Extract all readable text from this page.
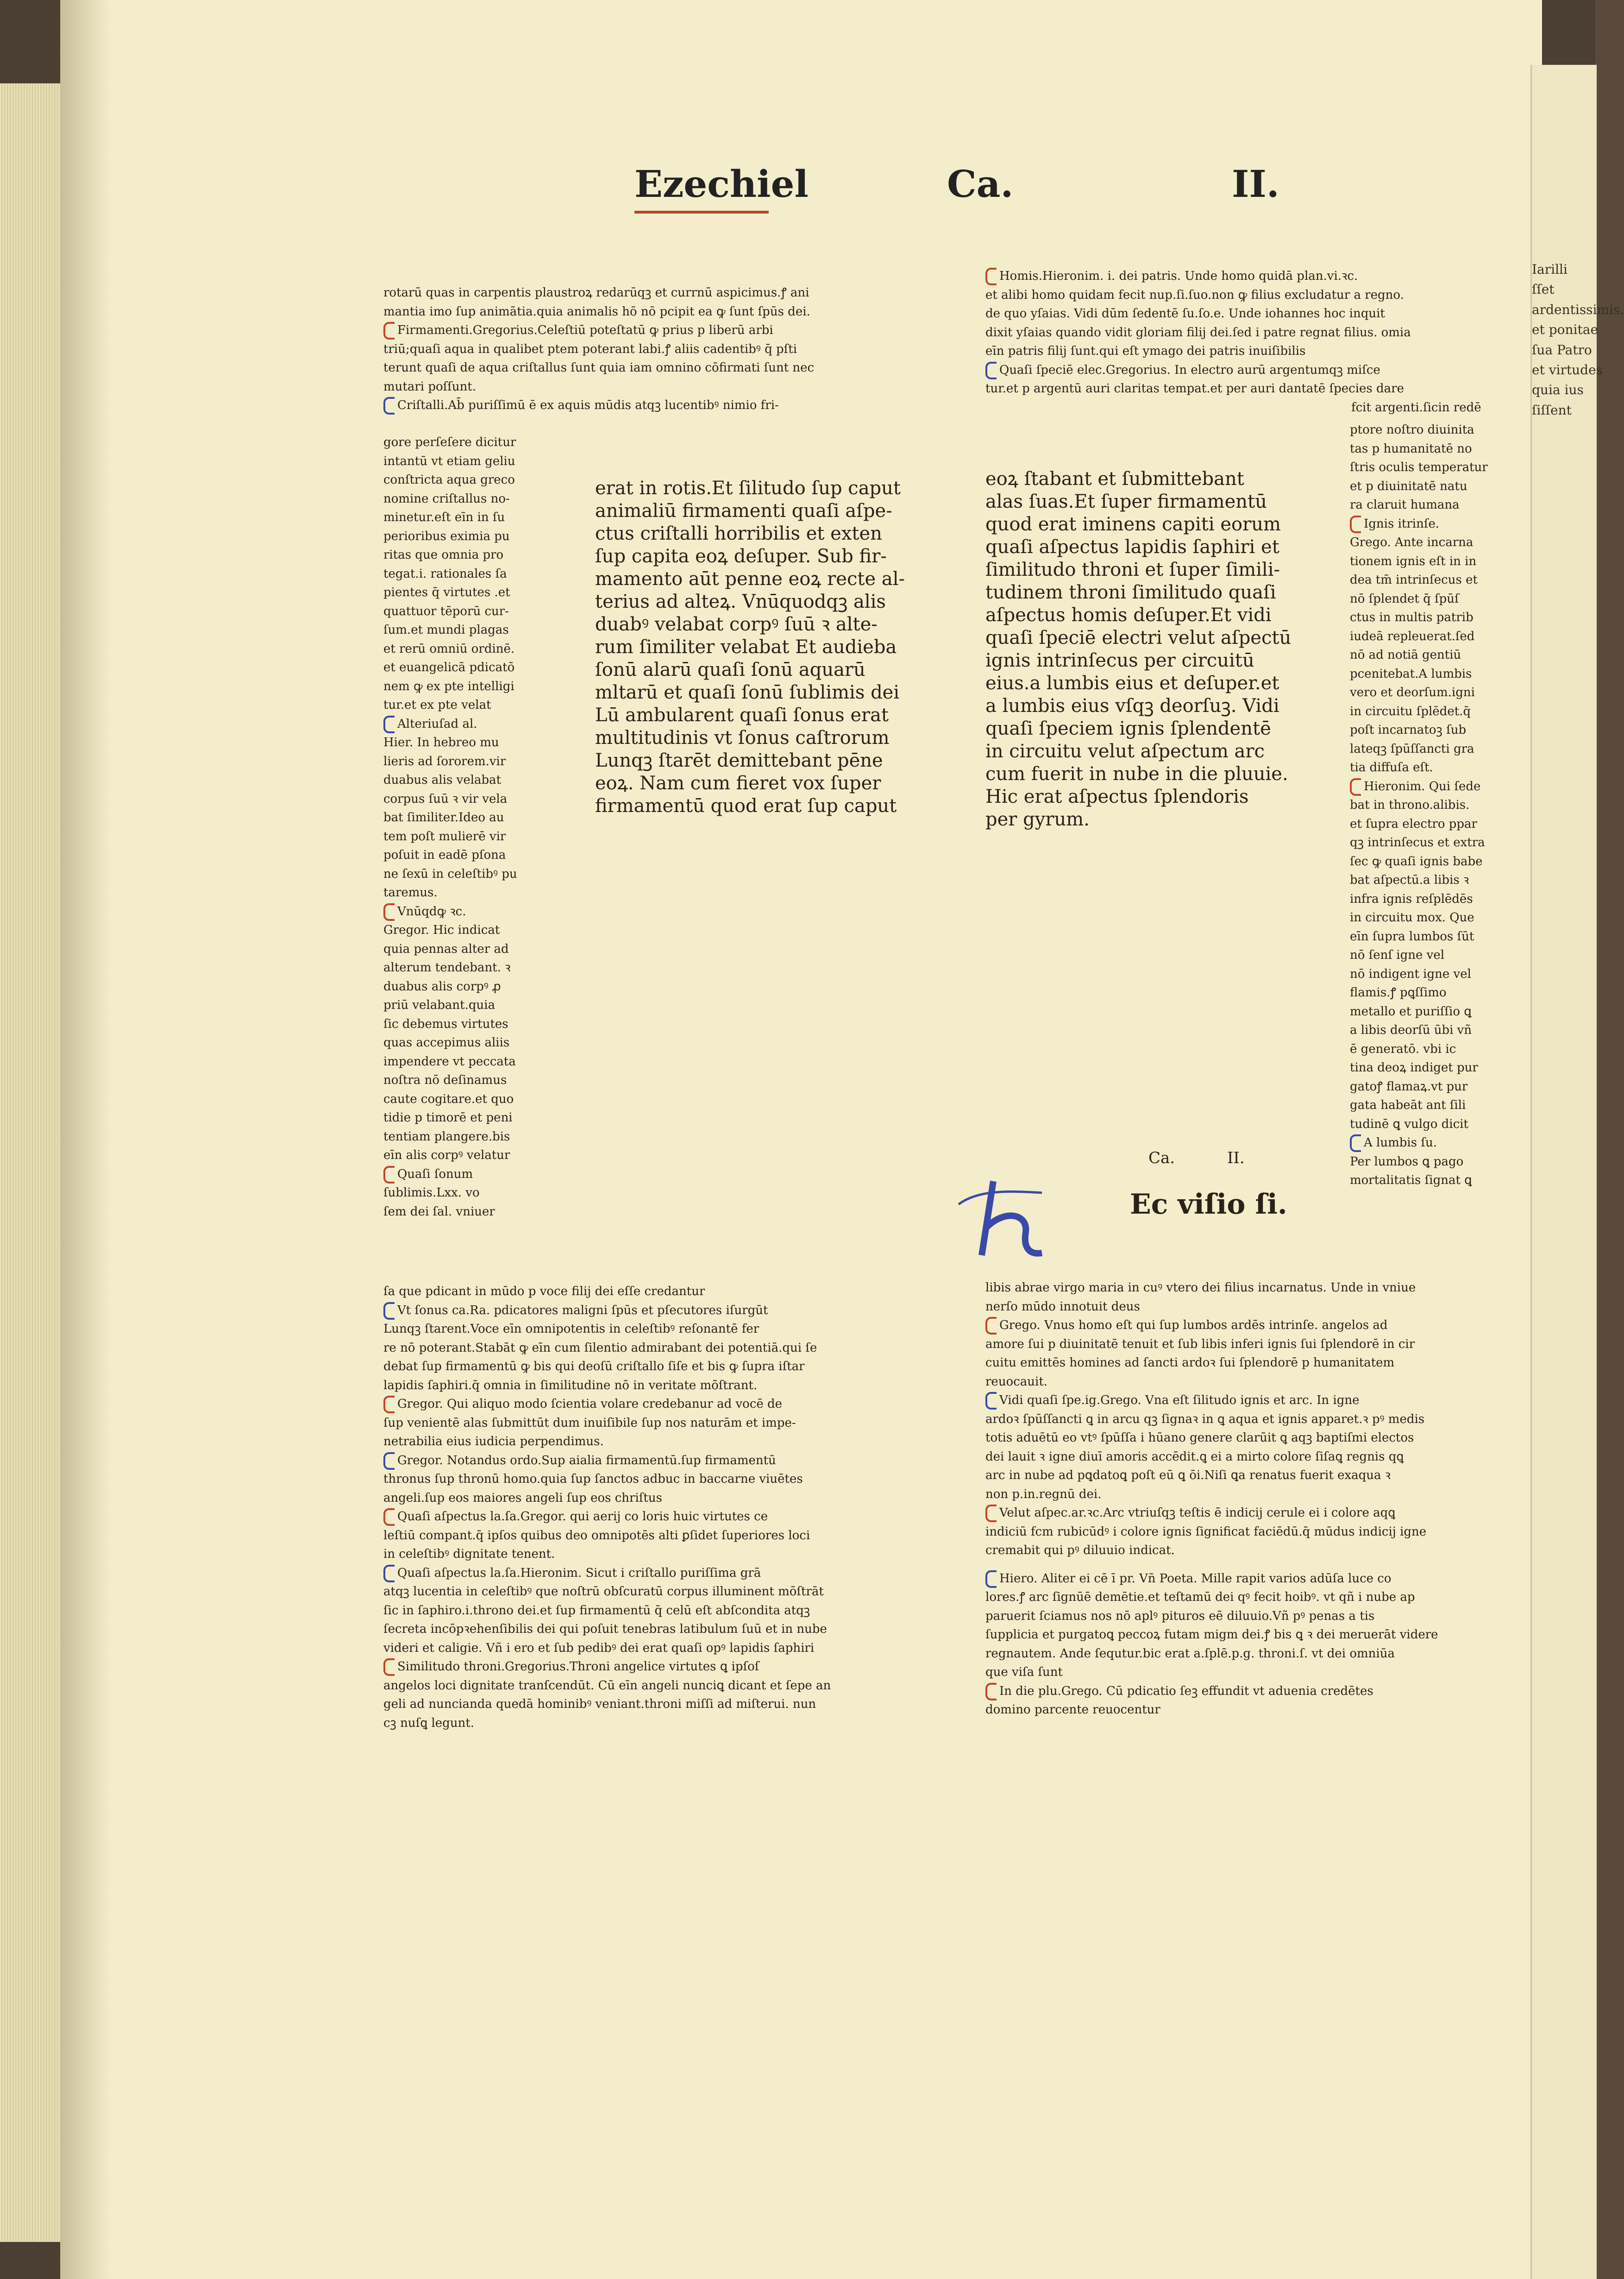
Iarilli
ſſet ardentissimis.
et ponitae
ſua Patro
et virtudes
quia ius
ſiſſent
Ezechiel	Ca.	II.
rotarū quas in carpentis plaustroꝝ redarūqꝫ et currnū aspicimus.ꝭ ani
mantia imo ſup animātia.quia animalis hō nō pcipit ea ꝙ ſunt ſpūs dei.
Firmamenti.Gregorius.Celeſtiū poteſtatū ꝙ prius p liberū arbi
triū;quaſi aqua in qualibet ptem poterant labi.ꝭ aliis cadentibꝰ q̄ pſti
terunt quaſi de aqua criſtallus ſunt quia iam omnino cōfirmati ſunt nec
mutari poſſunt.
Criſtalli.Ab̄ puriſſimū ē ex aquis mūdis atqꝫ lucentibꝰ nimio fri-
gore perſeſere dicitur
intantū vt etiam geliu
conſtricta aqua greco
nomine criſtallus no-
minetur.eſt eīn in ſu
perioribus eximia pu
ritas que omnia pro
tegat.i. rationales ſa
pientes q̄ virtutes .et
quattuor tēporū cur-
ſum.et mundi plagas
et rerū omniū ordinē.
et euangelicā pdicatō
nem ꝙ ex pte intelligi
tur.et ex pte velat
Alteriuſad al.
Hier. In hebreo mu
lieris ad ſororem.vir
duabus alis velabat
corpus ſuū ꝛ vir vela
bat ſimiliter.Ideo au
tem poſt mulierē vir
poſuit in eadē pſona
ne ſexū in celeſtibꝰ pu
taremus.
Vnūqdꝙ ꝛc.
Gregor. Hic indicat
quia pennas alter ad
alterum tendebant. ꝛ
duabus alis corpꝰ ꝓ
priū velabant.quia
ſic debemus virtutes
quas accepimus aliis
impendere vt peccata
noſtra nō deſinamus
caute cogitare.et quo
tidie p timorē et peni
tentiam plangere.bis
eīn alis corpꝰ velatur
Quaſi ſonum
ſublimis.Lxx. vo
ſem dei ſal. vniuer
erat in rotis.Et ſilitudo ſup caput
animaliū firmamenti quaſi aſpe-
ctus criſtalli horribilis et exten
ſup capita eoꝝ deſuper. Sub fir-
mamento aūt penne eoꝝ recte al-
terius ad alteꝝ. Vnūquodqꝫ alis
duabꝰ velabat corpꝰ ſuū ꝛ alte-
rum ſimiliter velabat Et audieba
ſonū alarū quaſi ſonū aquarū
mltarū et quaſi ſonū ſublimis dei
Lū ambularent quaſi ſonus erat
multitudinis vt ſonus caſtrorum
Lunqꝫ ſtarēt demittebant pēne
eoꝝ. Nam cum fieret vox ſuper
firmamentū quod erat ſup caput
ſa que pdicant in mūdo p voce filij dei eſſe credantur
Vt ſonus ca.Ra. pdicatores maligni ſpūs et pſecutores iſurgūt
Lunqꝫ ſtarent.Voce eīn omnipotentis in celeſtibꝰ reſonantē fer
re nō poterant.Stabāt ꝙ eīn cum ſilentio admirabant dei potentiā.qui ſe
debat ſup firmamentū ꝙ bis qui deoſū criſtallo ſiſe et bis ꝙ ſupra iſtar
lapidis ſaphiri.q̄ omnia in ſimilitudine nō in veritate mōſtrant.
Gregor. Qui aliquo modo ſcientia volare credebanur ad vocē de
ſup venientē alas ſubmittūt dum inuiſibile ſup nos naturām et impe-
netrabilia eius iudicia perpendimus.
Gregor. Notandus ordo.Sup aialia firmamentū.ſup firmamentū
thronus ſup thronū homo.quia ſup ſanctos adbuc in baccarne viuētes
angeli.ſup eos maiores angeli ſup eos chriſtus
Quaſi aſpectus la.ſa.Gregor. qui aerij co loris huic virtutes ce
leſtiū compant.q̄ ipſos quibus deo omnipotēs alti ꝑſidet ſuperiores loci
in celeſtibꝰ dignitate tenent.
Quaſi aſpectus la.ſa.Hieronim. Sicut i criſtallo puriſſima grā
atqꝫ lucentia in celeſtibꝰ que noſtrū obſcuratū corpus illuminent mōſtrāt
ſic in ſaphiro.i.throno dei.et ſup firmamentū q̄ celū eſt abſcondita atqꝫ
ſecreta incōpꝛehenſibilis dei qui poſuit tenebras latibulum ſuū et in nube
videri et caligie. Vñ i ero et ſub pedibꝰ dei erat quaſi opꝰ lapidis ſaphiri
Similitudo throni.Gregorius.Throni angelice virtutes ꝗ ipſoſ
angelos loci dignitate tranſcendūt. Cū eīn angeli nunciꝗ dicant et ſepe an
geli ad nuncianda quedā hominibꝰ veniant.throni miſſi ad miſterui. nun
cꝫ nuſꝗ legunt.
Homis.Hieronim. i. dei patris. Unde homo quidā plan.vi.ꝛc.
et alibi homo quidam fecit nup.ſi.ſuo.non ꝙ filius excludatur a regno.
de quo yſaias. Vidi dūm ſedentē ſu.ſo.e. Unde iohannes hoc inquit
dixit yſaias quando vidit gloriam filij dei.ſed i patre regnat filius. omia
eīn patris filij ſunt.qui eſt ymago dei patris inuiſibilis
Quaſi ſpeciē elec.Gregorius. In electro aurū argentumqꝫ miſce
tur.et p argentū auri claritas tempat.et per auri dantatē ſpecies dare
fcit argenti.ſicin redē
ptore noſtro diuinita
tas p humanitatē no
ſtris oculis temperatur
et p diuinitatē natu
ra claruit humana
Ignis itrinſe.
Grego. Ante incarna
tionem ignis eſt in in
dea tm̄ intrinſecus et
nō ſplendet q̄ ſpūſ
ctus in multis patrib
iudeā repleuerat.ſed
nō ad notiā gentiū
pcenitebat.A lumbis
vero et deorſum.igni
in circuitu ſplēdet.q̄
poſt incarnatoꝫ ſub
lateqꝫ ſpūſſancti gra
tia diffuſa eſt.
Hieronim. Qui ſede
bat in throno.alibis.
et ſupra electro ppar
qꝫ intrinſecus et extra
ſec ꝙ quaſi ignis babe
bat aſpectū.a libis ꝛ
infra ignis reſplēdēs
in circuitu mox. Que
eīn ſupra lumbos ſūt
nō ſenſ igne vel
nō indigent igne vel
flamis.ꝭ pꝗſſimo
metallo et puriſſio ꝗ
a libis deorſū ūbi vñ
ē generatō. vbi ic
tina deoꝝ indiget pur
gatoꝭ flamaꝝ.vt pur
gata habeāt ant ſili
tudinē ꝗ vulgo dicit
A lumbis ſu.
Per lumbos ꝗ pago
mortalitatis ſignat ꝗ
eoꝝ ſtabant et ſubmittebant
alas ſuas.Et ſuper firmamentū
quod erat iminens capiti eorum
quaſi aſpectus lapidis ſaphiri et
ſimilitudo throni et ſuper ſimili-
tudinem throni ſimilitudo quaſi
aſpectus homis deſuper.Et vidi
quaſi ſpeciē electri velut aſpectū
ignis intrinſecus per circuitū
eius.a lumbis eius et deſuper.et
a lumbis eius vſqꝫ deorſuꝫ. Vidi
quaſi ſpeciem ignis ſplendentē
in circuitu velut aſpectum arc
cum fuerit in nube in die pluuie.
Hic erat aſpectus ſplendoris
per gyrum.
H
Ca.	II.
Ec viſio ſi.
libis abrae virgo maria in cuꝰ vtero dei filius incarnatus. Unde in vniue
nerſo mūdo innotuit deus
Grego. Vnus homo eſt qui ſup lumbos ardēs intrinſe. angelos ad
amore ſui p diuinitatē tenuit et ſub libis inferi ignis ſui ſplendorē in cir
cuitu emittēs homines ad ſancti ardoꝛ ſui ſplendorē p humanitatem
reuocauit.
Vidi quaſi ſpe.ig.Grego. Vna eſt ſilitudo ignis et arc. In igne
ardoꝛ ſpūſſancti ꝗ in arcu qꝫ ſignaꝛ in ꝗ aqua et ignis apparet.ꝛ pꝰ medis
totis aduētū eo vtꝰ ſpūſſa i hūano genere clarūit ꝗ aqꝫ baptiſmi electos
dei lauit ꝛ igne diuī amoris accēdit.ꝗ ei a mirto colore ſiſaꝗ regnis qꝗ
arc in nube ad pꝗdatoꝗ poſt eū ꝗ ōi.Niſi ꝗa renatus fuerit exaqua ꝛ
non p.in.regnū dei.
Velut aſpec.ar.ꝛc.Arc vtriuſqꝫ teſtis ē indicij cerule ei i colore aqꝗ
indiciū fcm rubicūdꝰ i colore ignis ſignificat faciēdū.q̄ mūdus indicij igne
cremabit qui pꝰ diluuio indicat.
Hiero. Aliter ei cē ī pr. Vn̄ Poeta. Mille rapit varios adūſa luce co
lores.ꝭ arc ſignūē demētie.et teſtamū dei qꝰ fecit hoibꝰ. vt qñ i nube ap
paruerit ſciamus nos nō aplꝰ pituros eē diluuio.Vñ pꝰ penas a tis
ſupplicia et purgatoꝗ peccoꝝ futam migm dei.ꝭ bis ꝗ ꝛ dei meruerāt videre
regnautem. Ande ſequtur.bic erat a.ſplē.p.g. throni.ſ. vt dei omniūa
que viſa ſunt
In die plu.Grego. Cū pdicatio ſeꝫ effundit vt aduenia credētes
domino parcente reuocentur
